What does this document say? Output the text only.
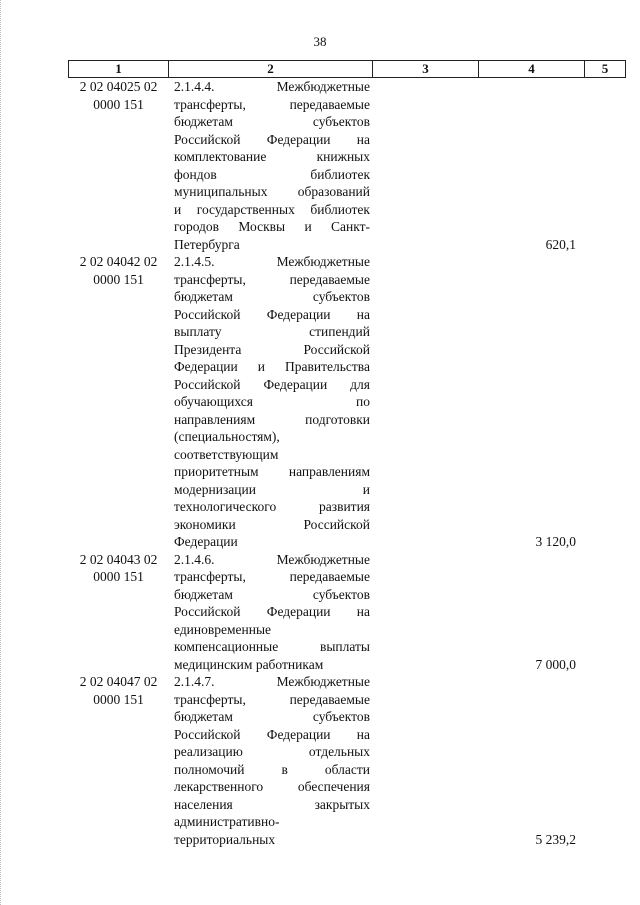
38
1	2	3	4	5
2 02 04025 02
0000 151
2.1.4.4. Межбюджетные
трансферты, передаваемые
бюджетам субъектов
Российской Федерации на
комплектование книжных
фондов библиотек
муниципальных образований
и государственных библиотек
городов Москвы и Санкт-
Петербурга	620,1
2 02 04042 02
0000 151
2.1.4.5. Межбюджетные
трансферты, передаваемые
бюджетам субъектов
Российской Федерации на
выплату стипендий
Президента Российской
Федерации и Правительства
Российской Федерации для
обучающихся по
направлениям подготовки
(специальностям),
соответствующим
приоритетным направлениям
модернизации и
технологического развития
экономики Российской
Федерации	3 120,0
2 02 04043 02
0000 151
2.1.4.6. Межбюджетные
трансферты, передаваемые
бюджетам субъектов
Российской Федерации на
единовременные
компенсационные выплаты
медицинским работникам	7 000,0
2 02 04047 02
0000 151
2.1.4.7. Межбюджетные
трансферты, передаваемые
бюджетам субъектов
Российской Федерации на
реализацию отдельных
полномочий в области
лекарственного обеспечения
населения закрытых
административно-
территориальных	5 239,2
